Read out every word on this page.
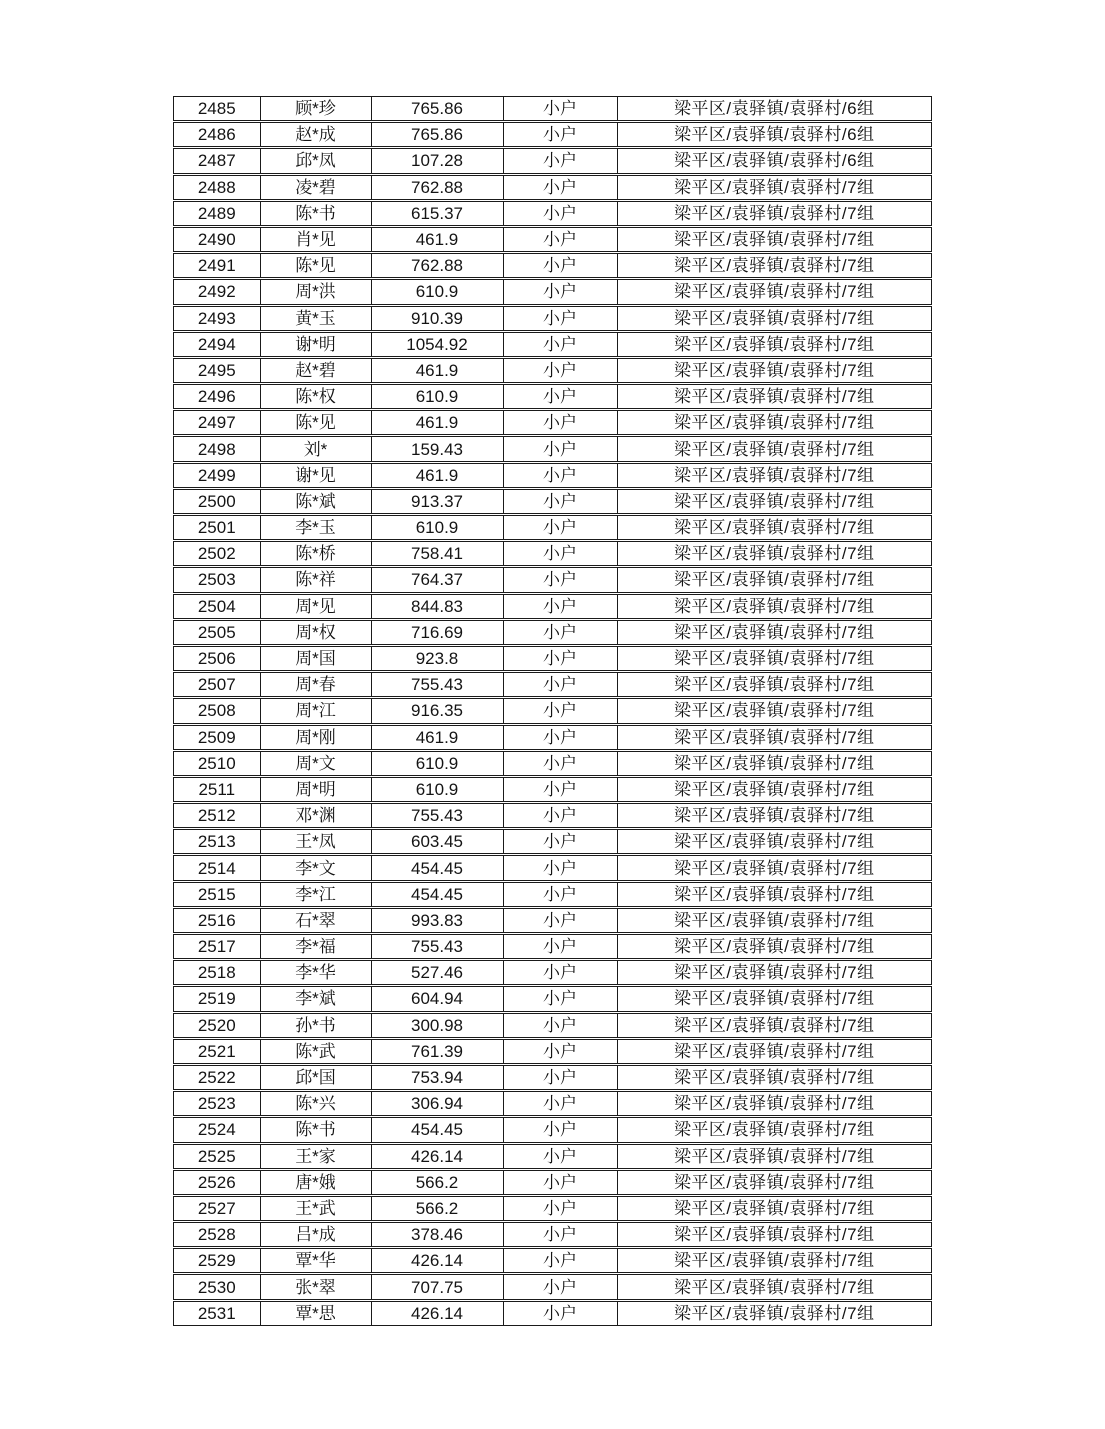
2485	顾*珍	765.86	小户	梁平区/袁驿镇/袁驿村/6组
2486	赵*成	765.86	小户	梁平区/袁驿镇/袁驿村/6组
2487	邱*凤	107.28	小户	梁平区/袁驿镇/袁驿村/6组
2488	凌*碧	762.88	小户	梁平区/袁驿镇/袁驿村/7组
2489	陈*书	615.37	小户	梁平区/袁驿镇/袁驿村/7组
2490	肖*见	461.9	小户	梁平区/袁驿镇/袁驿村/7组
2491	陈*见	762.88	小户	梁平区/袁驿镇/袁驿村/7组
2492	周*洪	610.9	小户	梁平区/袁驿镇/袁驿村/7组
2493	黄*玉	910.39	小户	梁平区/袁驿镇/袁驿村/7组
2494	谢*明	1054.92	小户	梁平区/袁驿镇/袁驿村/7组
2495	赵*碧	461.9	小户	梁平区/袁驿镇/袁驿村/7组
2496	陈*权	610.9	小户	梁平区/袁驿镇/袁驿村/7组
2497	陈*见	461.9	小户	梁平区/袁驿镇/袁驿村/7组
2498	刘*	159.43	小户	梁平区/袁驿镇/袁驿村/7组
2499	谢*见	461.9	小户	梁平区/袁驿镇/袁驿村/7组
2500	陈*斌	913.37	小户	梁平区/袁驿镇/袁驿村/7组
2501	李*玉	610.9	小户	梁平区/袁驿镇/袁驿村/7组
2502	陈*桥	758.41	小户	梁平区/袁驿镇/袁驿村/7组
2503	陈*祥	764.37	小户	梁平区/袁驿镇/袁驿村/7组
2504	周*见	844.83	小户	梁平区/袁驿镇/袁驿村/7组
2505	周*权	716.69	小户	梁平区/袁驿镇/袁驿村/7组
2506	周*国	923.8	小户	梁平区/袁驿镇/袁驿村/7组
2507	周*春	755.43	小户	梁平区/袁驿镇/袁驿村/7组
2508	周*江	916.35	小户	梁平区/袁驿镇/袁驿村/7组
2509	周*刚	461.9	小户	梁平区/袁驿镇/袁驿村/7组
2510	周*文	610.9	小户	梁平区/袁驿镇/袁驿村/7组
2511	周*明	610.9	小户	梁平区/袁驿镇/袁驿村/7组
2512	邓*渊	755.43	小户	梁平区/袁驿镇/袁驿村/7组
2513	王*凤	603.45	小户	梁平区/袁驿镇/袁驿村/7组
2514	李*文	454.45	小户	梁平区/袁驿镇/袁驿村/7组
2515	李*江	454.45	小户	梁平区/袁驿镇/袁驿村/7组
2516	石*翠	993.83	小户	梁平区/袁驿镇/袁驿村/7组
2517	李*福	755.43	小户	梁平区/袁驿镇/袁驿村/7组
2518	李*华	527.46	小户	梁平区/袁驿镇/袁驿村/7组
2519	李*斌	604.94	小户	梁平区/袁驿镇/袁驿村/7组
2520	孙*书	300.98	小户	梁平区/袁驿镇/袁驿村/7组
2521	陈*武	761.39	小户	梁平区/袁驿镇/袁驿村/7组
2522	邱*国	753.94	小户	梁平区/袁驿镇/袁驿村/7组
2523	陈*兴	306.94	小户	梁平区/袁驿镇/袁驿村/7组
2524	陈*书	454.45	小户	梁平区/袁驿镇/袁驿村/7组
2525	王*家	426.14	小户	梁平区/袁驿镇/袁驿村/7组
2526	唐*娥	566.2	小户	梁平区/袁驿镇/袁驿村/7组
2527	王*武	566.2	小户	梁平区/袁驿镇/袁驿村/7组
2528	吕*成	378.46	小户	梁平区/袁驿镇/袁驿村/7组
2529	覃*华	426.14	小户	梁平区/袁驿镇/袁驿村/7组
2530	张*翠	707.75	小户	梁平区/袁驿镇/袁驿村/7组
2531	覃*思	426.14	小户	梁平区/袁驿镇/袁驿村/7组
